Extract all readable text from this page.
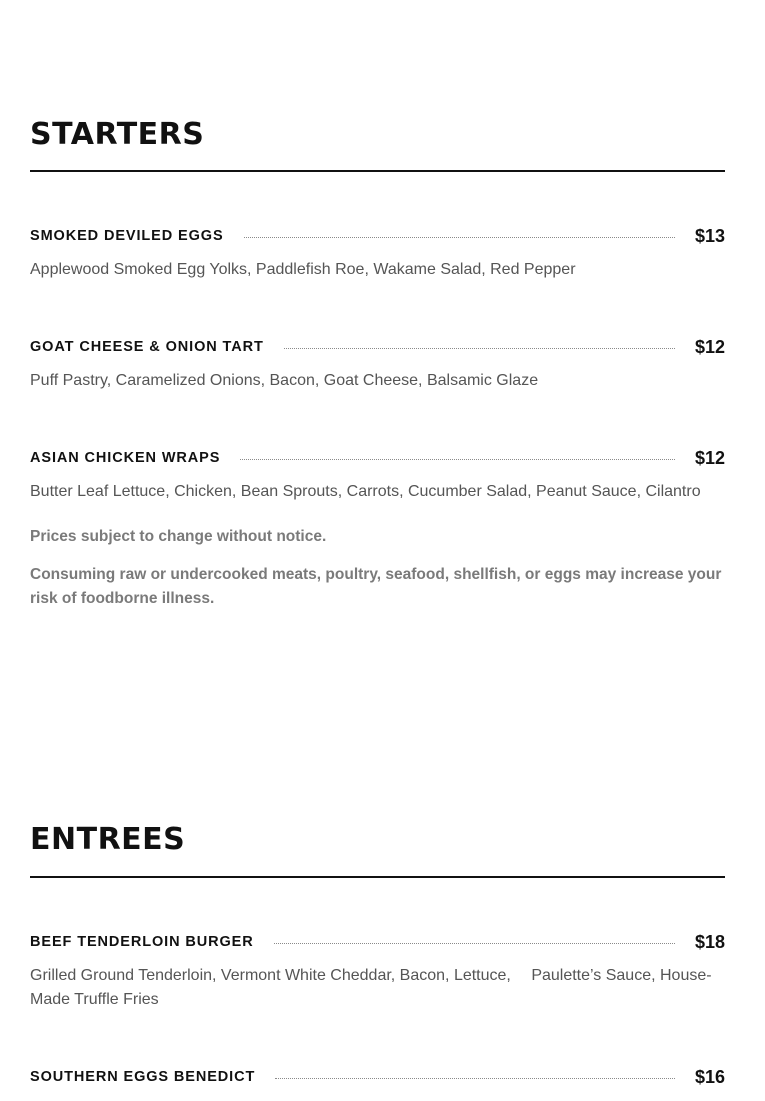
STARTERS
SMOKED DEVILED EGGS	$13
Applewood Smoked Egg Yolks, Paddlefish Roe, Wakame Salad, Red Pepper
GOAT CHEESE & ONION TART	$12
Puff Pastry, Caramelized Onions, Bacon, Goat Cheese, Balsamic Glaze
ASIAN CHICKEN WRAPS	$12
Butter Leaf Lettuce, Chicken, Bean Sprouts, Carrots, Cucumber Salad, Peanut Sauce, Cilantro

Prices subject to change without notice.

Consuming raw or undercooked meats, poultry, seafood, shellfish, or eggs may increase your risk of foodborne illness.

ENTREES
BEEF TENDERLOIN BURGER	$18
Grilled Ground Tenderloin, Vermont White Cheddar, Bacon, Lettuce, 　Paulette’s Sauce, House-Made Truffle Fries
SOUTHERN EGGS BENEDICT	$16
